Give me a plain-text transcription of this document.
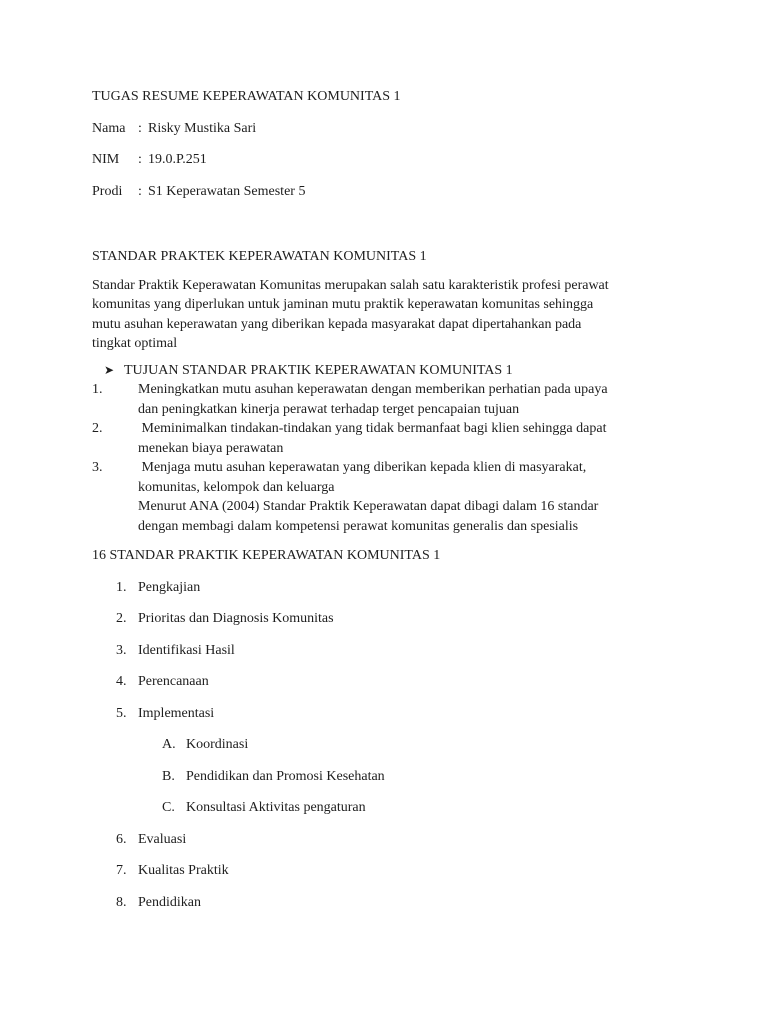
TUGAS RESUME KEPERAWATAN KOMUNITAS 1
Nama : Risky Mustika Sari
NIM	: 19.0.P.251
Prodi	: S1 Keperawatan Semester 5
STANDAR PRAKTEK KEPERAWATAN KOMUNITAS 1
Standar Praktik Keperawatan Komunitas merupakan salah satu karakteristik profesi perawat
komunitas yang diperlukan untuk jaminan mutu praktik keperawatan komunitas sehingga
mutu asuhan keperawatan yang diberikan kepada masyarakat dapat dipertahankan pada
tingkat optimal
➤ TUJUAN STANDAR PRAKTIK KEPERAWATAN KOMUNITAS 1
1.	Meningkatkan mutu asuhan keperawatan dengan memberikan perhatian pada upaya
dan peningkatkan kinerja perawat terhadap terget pencapaian tujuan
2.	Meminimalkan tindakan-tindakan yang tidak bermanfaat bagi klien sehingga dapat
menekan biaya perawatan
3.	Menjaga mutu asuhan keperawatan yang diberikan kepada klien di masyarakat,
komunitas, kelompok dan keluarga
Menurut ANA (2004) Standar Praktik Keperawatan dapat dibagi dalam 16 standar
dengan membagi dalam kompetensi perawat komunitas generalis dan spesialis
16 STANDAR PRAKTIK KEPERAWATAN KOMUNITAS 1
1. Pengkajian
2. Prioritas dan Diagnosis Komunitas
3. Identifikasi Hasil
4. Perencanaan
5. Implementasi
A. Koordinasi
B. Pendidikan dan Promosi Kesehatan
C. Konsultasi Aktivitas pengaturan
6. Evaluasi
7. Kualitas Praktik
8. Pendidikan
